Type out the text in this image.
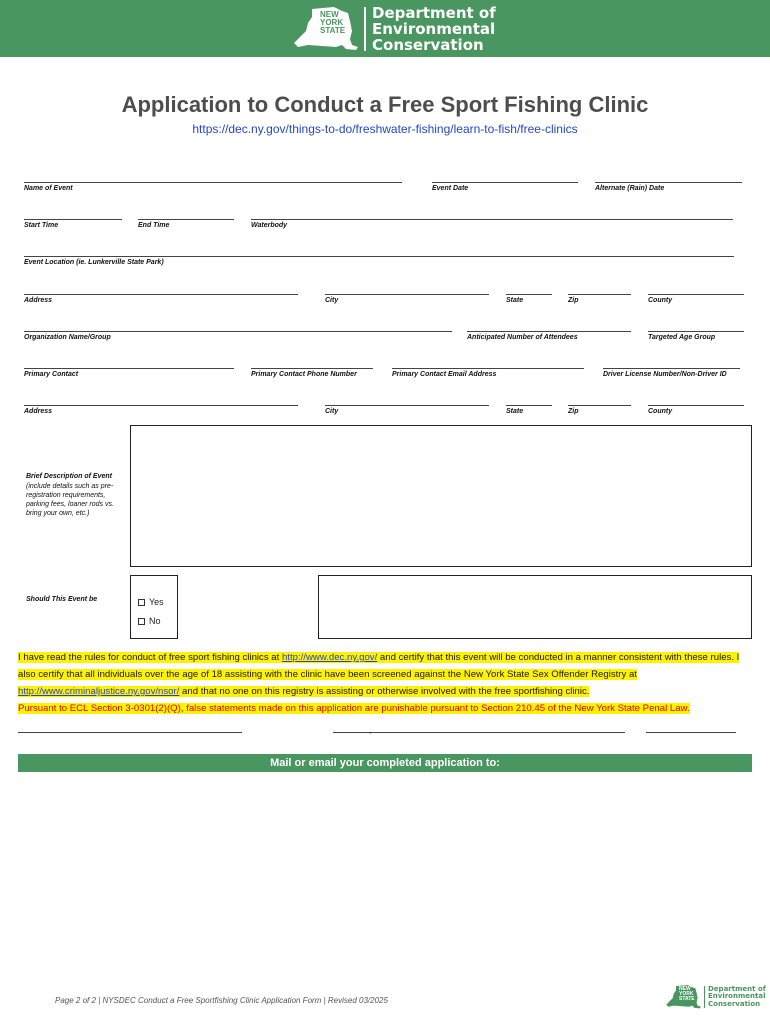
NEW
YORK
STATE
Department of
Environmental
Conservation
Application to Conduct a Free Sport Fishing Clinic
https://dec.ny.gov/things-to-do/freshwater-fishing/learn-to-fish/free-clinics
Name of Event	Event Date	Alternate (Rain) Date
Start Time	End Time	Waterbody
Event Location (ie. Lunkerville State Park)
Address	City	State	Zip	County
Organization Name/Group	Anticipated Number of Attendees	Targeted Age Group
Primary Contact	Primary Contact Phone Number	Primary Contact Email Address	Driver License Number/Non-Driver ID
Address	City	State	Zip	County
Brief Description of Event
(include details such as pre-registration requirements, parking fees, loaner rods vs. bring your own, etc.)
Should This Event be	Yes
No
I have read the rules for conduct of free sport fishing clinics at http://www.dec.ny.gov/ and certify that this event will be conducted in a manner consistent with these rules. I also certify that all individuals over the age of 18 assisting with the clinic have been screened against the New York State Sex Offender Registry at http://www.criminaljustice.ny.gov/nsor/ and that no one on this registry is assisting or otherwise involved with the free sportfishing clinic.
Pursuant to ECL Section 3-0301(2)(Q), false statements made on this application are punishable pursuant to Section 210.45 of the New York State Penal Law.
,
Mail or email your completed application to:
Page 2 of 2 | NYSDEC Conduct a Free Sportfishing Clinic Application Form | Revised 03/2025
NEW
YORK
STATE
Department of
Environmental
Conservation
